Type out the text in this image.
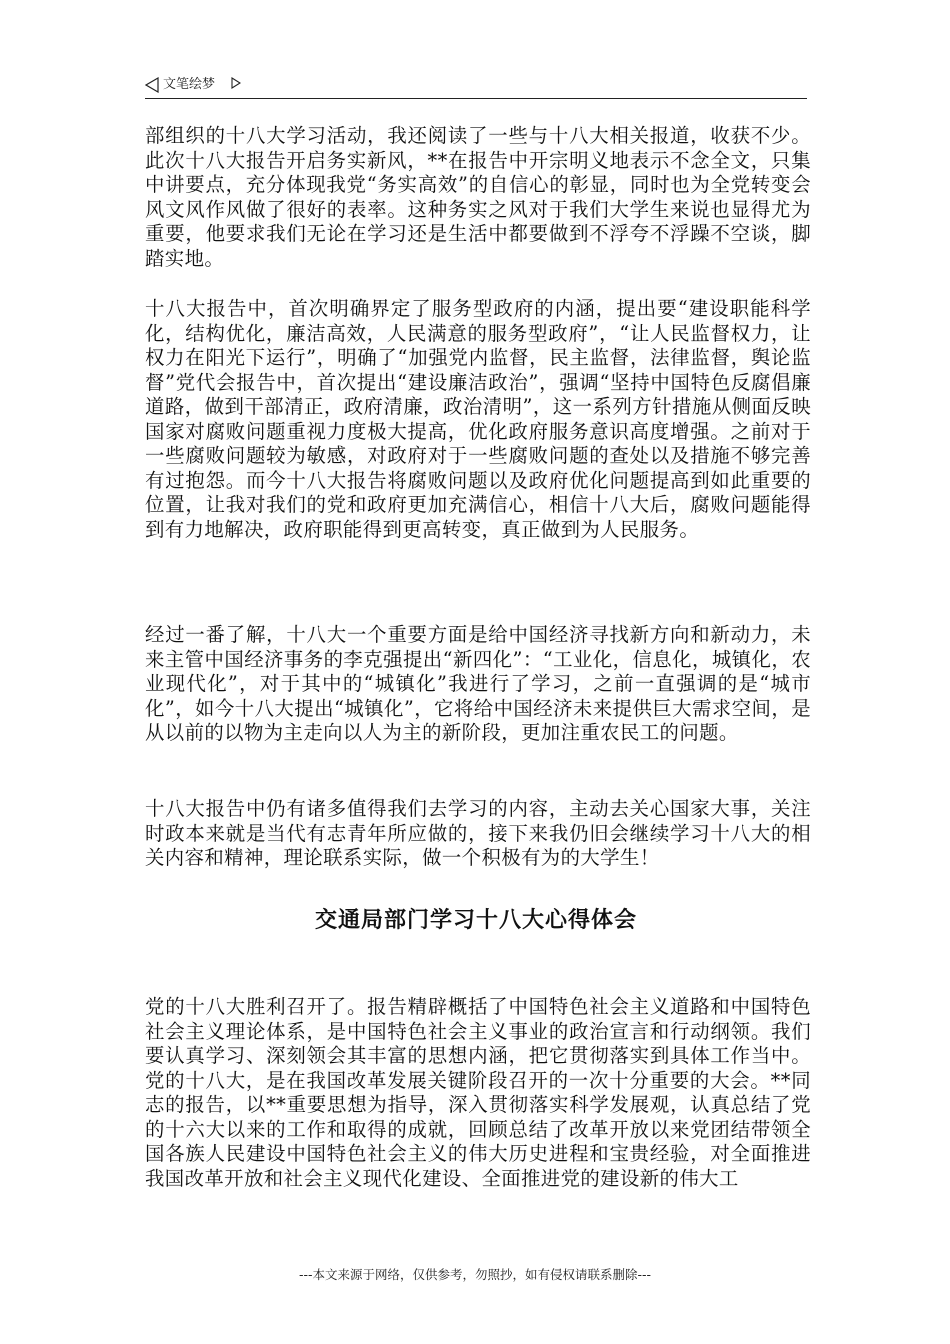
文笔绘梦

部组织的十八大学习活动，我还阅读了一些与十八大相关报道，收获不少。此次十八大报告开启务实新风，**在报告中开宗明义地表示不念全文，只集中讲要点，充分体现我党“务实高效”的自信心的彰显，同时也为全党转变会风文风作风做了很好的表率。这种务实之风对于我们大学生来说也显得尤为重要，他要求我们无论在学习还是生活中都要做到不浮夸不浮躁不空谈，脚踏实地。

十八大报告中，首次明确界定了服务型政府的内涵，提出要“建设职能科学化，结构优化，廉洁高效，人民满意的服务型政府”，“让人民监督权力，让权力在阳光下运行”，明确了“加强党内监督，民主监督，法律监督，舆论监督”党代会报告中，首次提出“建设廉洁政治”，强调“坚持中国特色反腐倡廉道路，做到干部清正，政府清廉，政治清明”，这一系列方针措施从侧面反映国家对腐败问题重视力度极大提高，优化政府服务意识高度增强。之前对于一些腐败问题较为敏感，对政府对于一些腐败问题的查处以及措施不够完善有过抱怨。而今十八大报告将腐败问题以及政府优化问题提高到如此重要的位置，让我对我们的党和政府更加充满信心，相信十八大后，腐败问题能得到有力地解决，政府职能得到更高转变，真正做到为人民服务。

经过一番了解，十八大一个重要方面是给中国经济寻找新方向和新动力，未来主管中国经济事务的李克强提出“新四化”：“工业化，信息化，城镇化，农业现代化”，对于其中的“城镇化”我进行了学习，之前一直强调的是“城市化”，如今十八大提出“城镇化”，它将给中国经济未来提供巨大需求空间，是从以前的以物为主走向以人为主的新阶段，更加注重农民工的问题。

十八大报告中仍有诸多值得我们去学习的内容，主动去关心国家大事，关注时政本来就是当代有志青年所应做的，接下来我仍旧会继续学习十八大的相关内容和精神，理论联系实际，做一个积极有为的大学生！

交通局部门学习十八大心得体会

党的十八大胜利召开了。报告精辟概括了中国特色社会主义道路和中国特色社会主义理论体系，是中国特色社会主义事业的政治宣言和行动纲领。我们要认真学习、深刻领会其丰富的思想内涵，把它贯彻落实到具体工作当中。党的十八大，是在我国改革发展关键阶段召开的一次十分重要的大会。**同志的报告，以**重要思想为指导，深入贯彻落实科学发展观，认真总结了党的十六大以来的工作和取得的成就，回顾总结了改革开放以来党团结带领全国各族人民建设中国特色社会主义的伟大历史进程和宝贵经验，对全面推进我国改革开放和社会主义现代化建设、全面推进党的建设新的伟大工

---本文来源于网络，仅供参考，勿照抄，如有侵权请联系删除---
